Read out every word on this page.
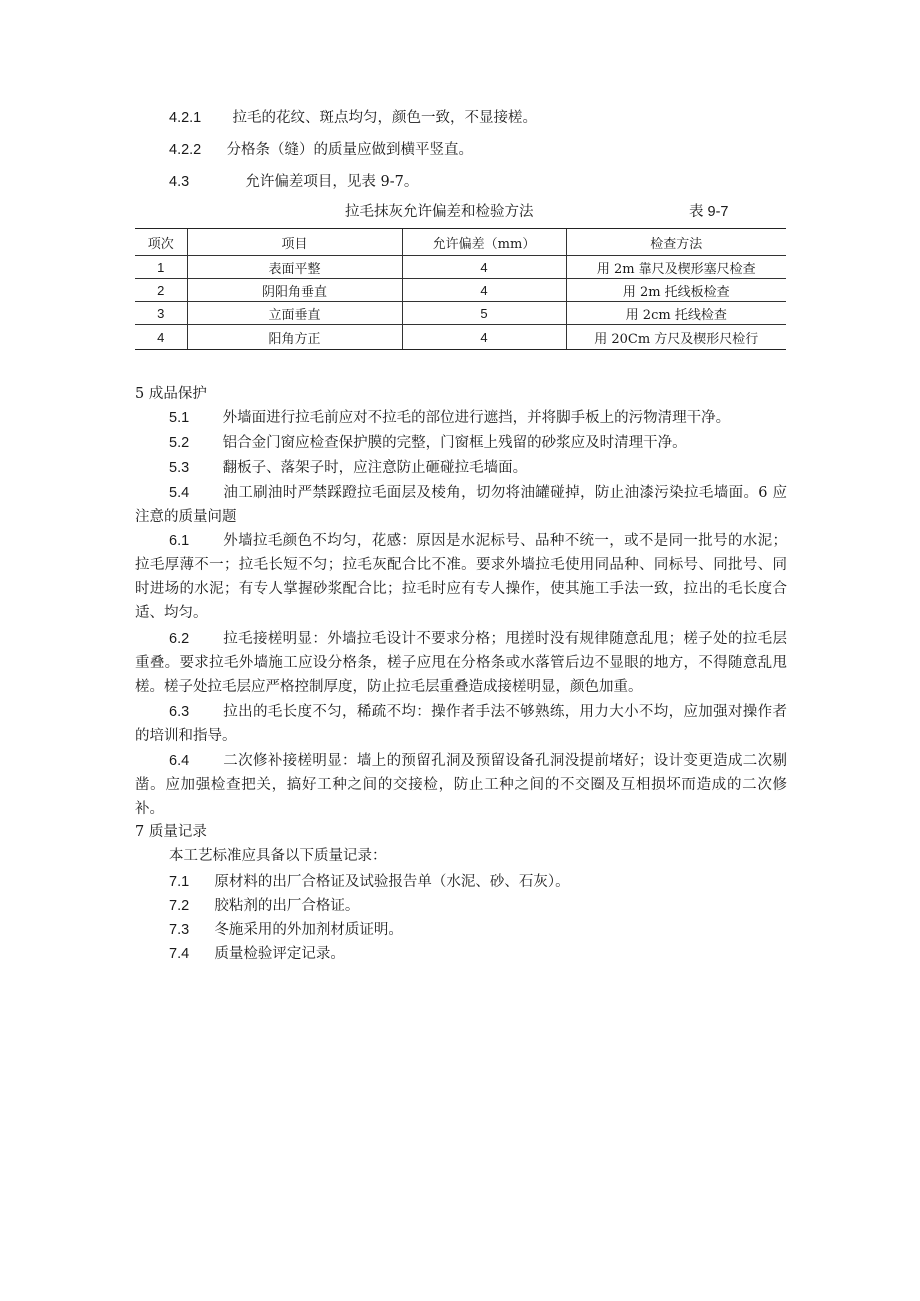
4.2.1 拉毛的花纹、斑点均匀，颜色一致，不显接槎。
4.2.2 分格条（缝）的质量应做到横平竖直。
4.3	允许偏差项目，见表 9-7。
拉毛抹灰允许偏差和检验方法	表 9-7
项次	项目	允许偏差（mm）	检查方法
1	表面平整	4	用 2m 靠尺及楔形塞尺检查
2	阴阳角垂直	4	用 2m 托线板检查
3	立面垂直	5	用 2cm 托线检查
4	阳角方正	4	用 20Cm 方尺及楔形尺检行
5 成品保护
5.1 外墙面进行拉毛前应对不拉毛的部位进行遮挡，并将脚手板上的污物清理干净。
5.2 铝合金门窗应检查保护膜的完整，门窗框上残留的砂浆应及时清理干净。
5.3 翻板子、落架子时，应注意防止砸碰拉毛墙面。
5.4 油工刷油时严禁踩蹬拉毛面层及棱角，切勿将油罐碰掉，防止油漆污染拉毛墙面。6 应注意的质量问题
6.1 外墙拉毛颜色不均匀，花感：原因是水泥标号、品种不统一，或不是同一批号的水泥；拉毛厚薄不一；拉毛长短不匀；拉毛灰配合比不准。要求外墙拉毛使用同品种、同标号、同批号、同时进场的水泥；有专人掌握砂浆配合比；拉毛时应有专人操作，使其施工手法一致，拉出的毛长度合适、均匀。
6.2 拉毛接槎明显：外墙拉毛设计不要求分格；甩搓时没有规律随意乱甩；槎子处的拉毛层重叠。要求拉毛外墙施工应设分格条，槎子应甩在分格条或水落管后边不显眼的地方，不得随意乱甩槎。槎子处拉毛层应严格控制厚度，防止拉毛层重叠造成接槎明显，颜色加重。
6.3 拉出的毛长度不匀，稀疏不均：操作者手法不够熟练，用力大小不均，应加强对操作者的培训和指导。
6.4 二次修补接槎明显：墙上的预留孔洞及预留设备孔洞没提前堵好；设计变更造成二次剔凿。应加强检查把关，搞好工种之间的交接检，防止工种之间的不交圈及互相损坏而造成的二次修补。
7 质量记录
本工艺标准应具备以下质量记录：
7.1 原材料的出厂合格证及试验报告单（水泥、砂、石灰）。
7.2 胶粘剂的出厂合格证。
7.3 冬施采用的外加剂材质证明。
7.4 质量检验评定记录。
